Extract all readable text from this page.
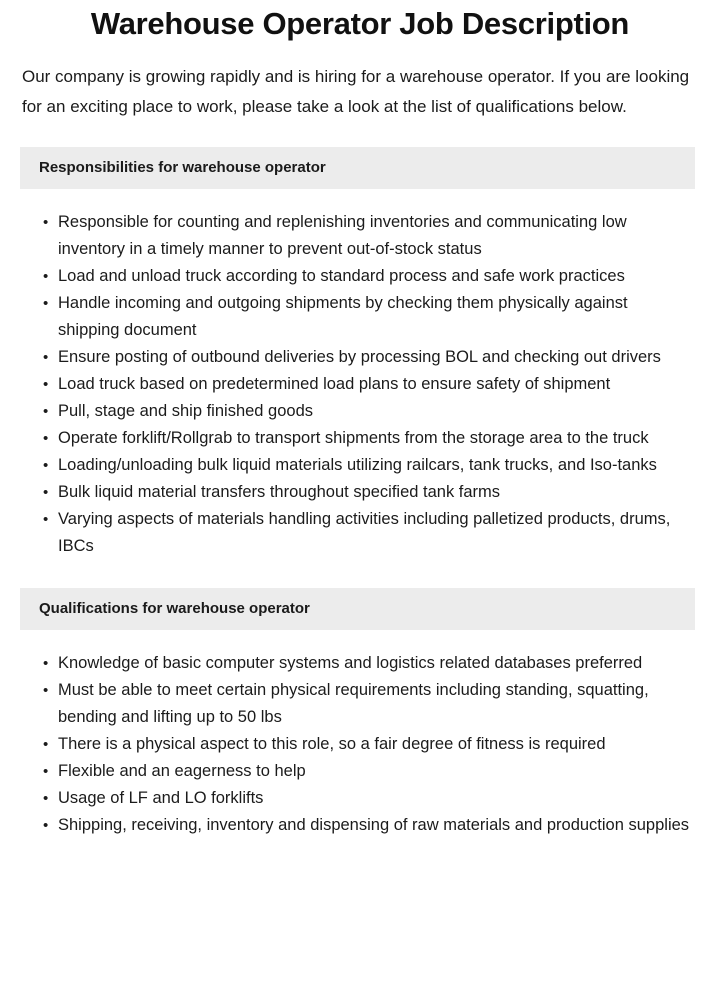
Warehouse Operator Job Description

Our company is growing rapidly and is hiring for a warehouse operator. If you are looking for an exciting place to work, please take a look at the list of qualifications below.

Responsibilities for warehouse operator
• Responsible for counting and replenishing inventories and communicating low inventory in a timely manner to prevent out-of-stock status
• Load and unload truck according to standard process and safe work practices
• Handle incoming and outgoing shipments by checking them physically against shipping document
• Ensure posting of outbound deliveries by processing BOL and checking out drivers
• Load truck based on predetermined load plans to ensure safety of shipment
• Pull, stage and ship finished goods
• Operate forklift/Rollgrab to transport shipments from the storage area to the truck
• Loading/unloading bulk liquid materials utilizing railcars, tank trucks, and Iso-tanks
• Bulk liquid material transfers throughout specified tank farms
• Varying aspects of materials handling activities including palletized products, drums, IBCs
Qualifications for warehouse operator
• Knowledge of basic computer systems and logistics related databases preferred
• Must be able to meet certain physical requirements including standing, squatting, bending and lifting up to 50 lbs
• There is a physical aspect to this role, so a fair degree of fitness is required
• Flexible and an eagerness to help
• Usage of LF and LO forklifts
• Shipping, receiving, inventory and dispensing of raw materials and production supplies
